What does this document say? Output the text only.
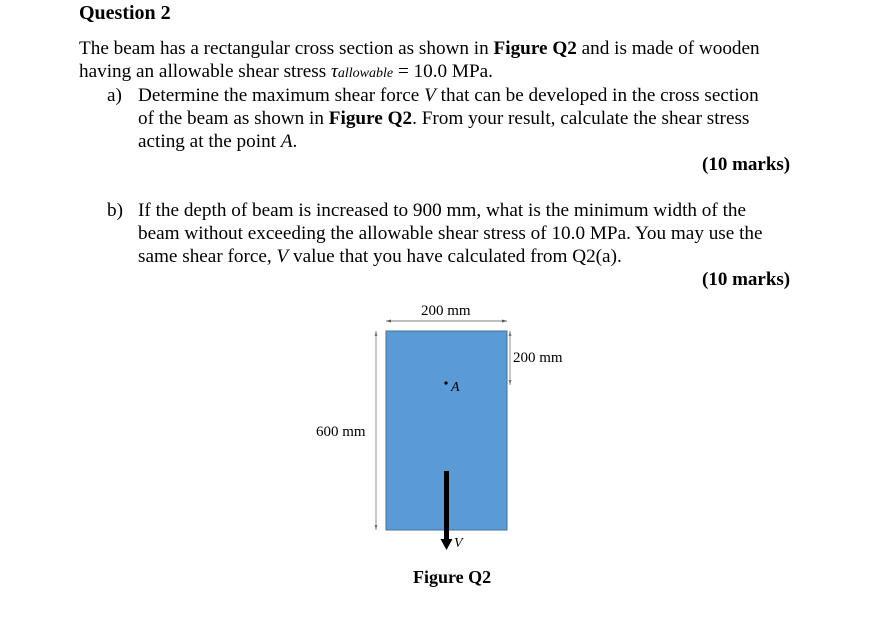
Question 2
The beam has a rectangular cross section as shown in Figure Q2 and is made of wooden
having an allowable shear stress τallowable = 10.0 MPa.
a) Determine the maximum shear force V that can be developed in the cross section
of the beam as shown in Figure Q2. From your result, calculate the shear stress
acting at the point A.
(10 marks)
b) If the depth of beam is increased to 900 mm, what is the minimum width of the
beam without exceeding the allowable shear stress of 10.0 MPa. You may use the
same shear force, V value that you have calculated from Q2(a).
(10 marks)
200 mm
600 mm
200 mm
A
V
Figure Q2
